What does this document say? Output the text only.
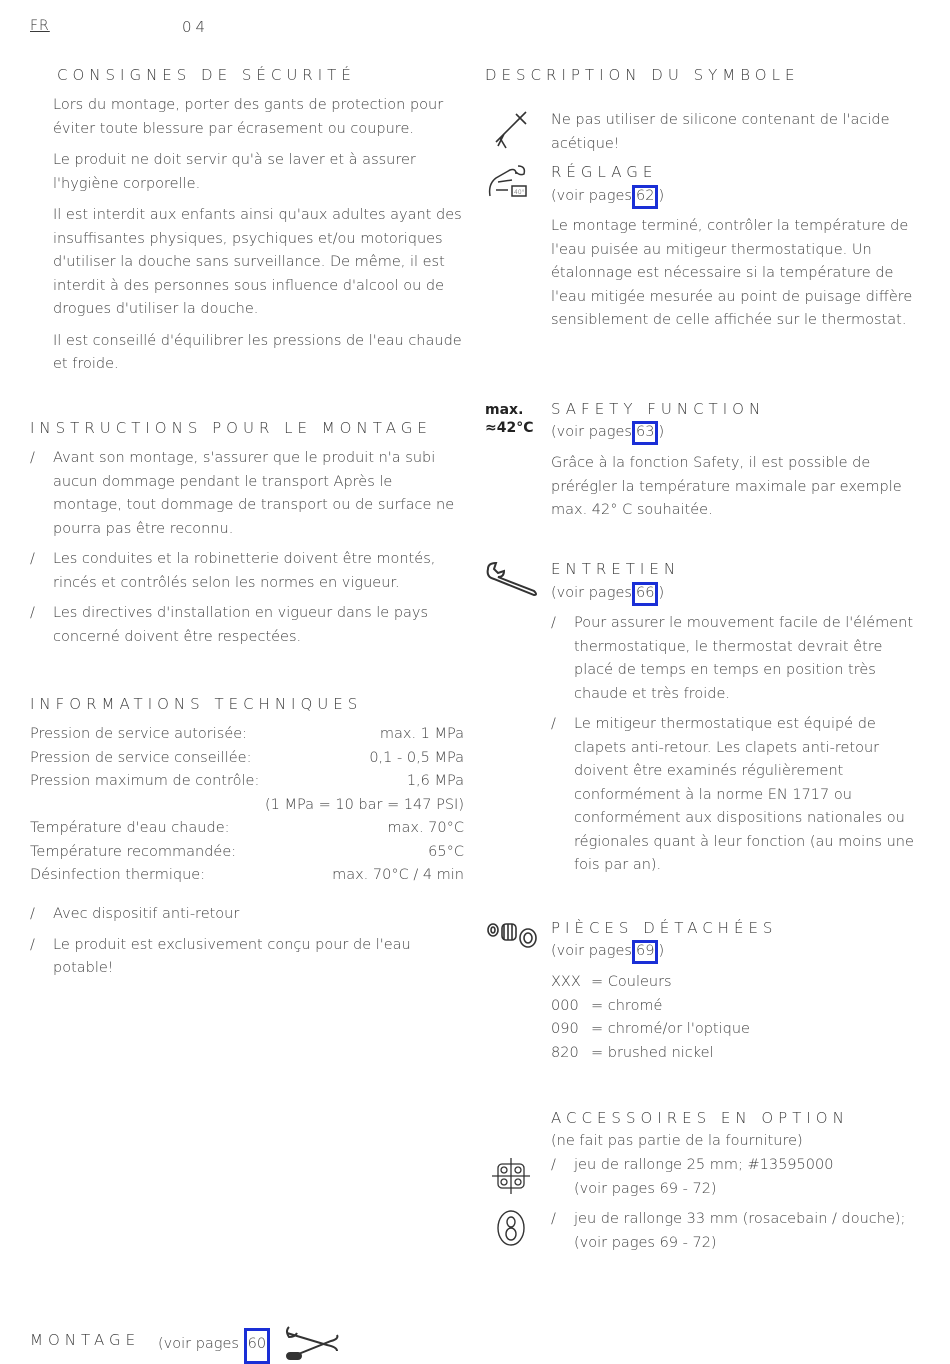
FR	04
CONSIGNES DE SÉCURITÉ

Lors du montage, porter des gants de protection pour éviter toute blessure par écrasement ou coupure.

Le produit ne doit servir qu'à se laver et à assurer l'hygiène corporelle.

Il est interdit aux enfants ainsi qu'aux adultes ayant des insuffisantes physiques, psychiques et/ou motoriques d'utiliser la douche sans surveillance. De même, il est interdit à des personnes sous influence d'alcool ou de drogues d'utiliser la douche.

Il est conseillé d'équilibrer les pressions de l'eau chaude et froide.

INSTRUCTIONS POUR LE MONTAGE
/	Avant son montage, s'assurer que le produit n'a subi aucun dommage pendant le transport Après le montage, tout dommage de transport ou de surface ne pourra pas être reconnu.
/	Les conduites et la robinetterie doivent être montés, rincés et contrôlés selon les normes en vigueur.
/	Les directives d'installation en vigueur dans le pays concerné doivent être respectées.
INFORMATIONS TECHNIQUES
Pression de service autorisée:	max. 1 MPa
Pression de service conseillée:	0,1 - 0,5 MPa
Pression maximum de contrôle:	1,6 MPa
(1 MPa = 10 bar = 147 PSI)
Température d'eau chaude:	max. 70°C
Température recommandée:	65°C
Désinfection thermique:	max. 70°C / 4 min
/	Avec dispositif anti-retour
/	Le produit est exclusivement conçu pour de l'eau potable!
MONTAGE (voir pages 60
DESCRIPTION DU SYMBOLE
Ne pas utiliser de silicone contenant de l'acide acétique!
40°
RÉGLAGE
(voir pages 62 )
Le montage terminé, contrôler la température de l'eau puisée au mitigeur thermostatique. Un étalonnage est nécessaire si la température de l'eau mitigée mesurée au point de puisage diffère sensiblement de celle affichée sur le thermostat.
max.
≈42°C
SAFETY FUNCTION
(voir pages 63 )
Grâce à la fonction Safety, il est possible de prérégler la température maximale par exemple max. 42° C souhaitée.
ENTRETIEN
(voir pages 66 )
/	Pour assurer le mouvement facile de l'élément thermostatique, le thermostat devrait être placé de temps en temps en position très chaude et très froide.
/	Le mitigeur thermostatique est équipé de clapets anti-retour. Les clapets anti-retour doivent être examinés régulièrement conformément à la norme EN 1717 ou conformément aux dispositions nationales ou régionales quant à leur fonction (au moins une fois par an).
PIÈCES DÉTACHÉES
(voir pages 69 )
XXX = Couleurs
000 = chromé
090 = chromé/or l'optique
820 = brushed nickel
ACCESSOIRES EN OPTION
(ne fait pas partie de la fourniture)
/	jeu de rallonge 25 mm; #13595000
(voir pages 69 - 72)
/	jeu de rallonge 33 mm (rosacebain / douche);
(voir pages 69 - 72)
